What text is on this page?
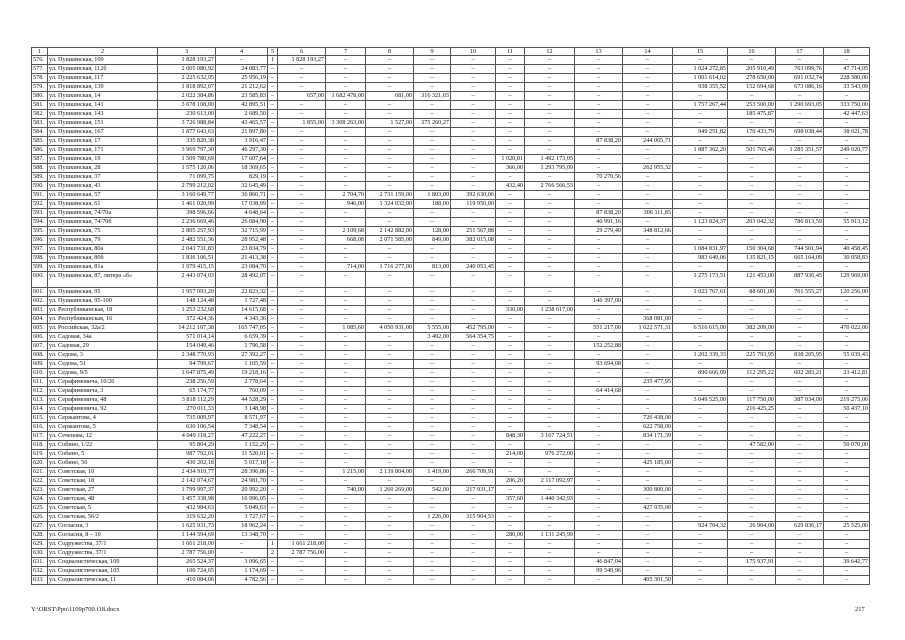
1	2	3	4	5	6	7	8	9	10	11	12	13	14	15	16	17	18
576.	ул. Пушкинская, 109	1 828 193,27	–	1	1 828 193,27	–	–	–	–	–	–	–	–	–	–	–	–
577.	ул. Пушкинская, 112б	2 065 080,92	24 083,77	–	–	–	–	–	–	–	–	–	–	1 024 272,85	205 910,49	763 099,76	47 714,05
578.	ул. Пушкинская, 117	2 225 632,95	25 956,19	–	–	–	–	–	–	–	–	–	–	1 001 614,02	278 650,00	691 032,74	228 380,00
579.	ул. Пушкинская, 139	1 818 892,07	21 212,62	–	–	–	–	–	–	–	–	–	–	938 355,52	152 694,68	673 086,16	33 543,09
580.	ул. Пушкинская, 14	2 022 384,86	23 585,83	–	657,00	1 682 478,00	681,00	316 321,03	–	–	–	–	–	–	–	–	–
581.	ул. Пушкинская, 141	3 678 108,00	42 895,51	–	–	–	–	–	–	–	–	–	–	1 757 267,44	253 500,00	1 290 693,05	333 750,00
582.	ул. Пушкинская, 143	230 613,00	2 689,50	–	–	–	–	–	–	–	–	–	–	–	185 475,87	–	42 447,63
583.	ул. Пушкинская, 151	3 726 988,84	43 465,57	–	1 855,00	3 308 263,00	1 527,00	375 260,27	–	–	–	–	–	–	–	–	–
584.	ул. Пушкинская, 167	1 877 643,63	21 897,80	–	–	–	–	–	–	–	–	–	–	949 251,82	170 433,79	698 038,44	38 021,78
585.	ул. Пушкинская, 17	335 820,38	3 916,47	–	–	–	–	–	–	–	–	87 838,20	244 065,71	–	–	–	–
586.	ул. Пушкинская, 171	3 969 797,30	46 297,30	–	–	–	–	–	–	–	–	–	–	1 887 362,20	501 765,46	1 285 351,57	249 020,77
587.	ул. Пушкинская, 19	1 509 780,69	17 607,64	–	–	–	–	–	–	1 020,81	1 492 173,05	–	–	–	–	–	–
588.	ул. Пушкинская, 28	1 575 120,06	18 369,65	–	–	–	–	–	–	366,00	1 293 795,09	–	262 955,32	–	–	–	–
589.	ул. Пушкинская, 37	71 099,75	829,19	–	–	–	–	–	–	–	–	70 270,56	–	–	–	–	–
590.	ул. Пушкинская, 43	2 799 212,02	32 645,49	–	–	–	–	–	–	432,40	2 766 566,53	–	–	–	–	–	–
591.	ул. Пушкинская, 57	3 160 649,77	36 860,71	–	–	2 704,70	2 731 159,00	1 803,00	392 630,06	–	–	–	–	–	–	–	–
592.	ул. Пушкинская, 61	1 461 020,99	17 038,99	–	–	946,00	1 324 032,00	188,00	119 950,00	–	–	–	–	–	–	–	–
593.	ул. Пушкинская, 74/70а	398 596,66	4 648,64	–	–	–	–	–	–	–	–	87 838,20	306 111,85	–	–	–	–
594.	ул. Пушкинская, 74/70б	2 236 669,46	26 084,90	–	–	–	–	–	–	–	–	40 991,16	–	1 123 824,37	203 042,32	786 813,59	55 913,12
595.	ул. Пушкинская, 75	2 805 257,93	32 715,99	–	–	2 109,68	2 142 882,00	128,00	251 567,88	–	–	29 279,40	348 812,66	–	–	–	–
596.	ул. Пушкинская, 79	2 482 551,36	28 952,48	–	–	668,08	2 071 585,00	849,00	382 015,08	–	–	–	–	–	–	–	–
597.	ул. Пушкинская, 80а	2 043 731,83	23 834,79	–	–	–	–	–	–	–	–	–	–	1 084 831,97	150 304,68	744 501,94	40 458,45
598.	ул. Пушкинская, 80б	1 836 106,51	21 413,38	–	–	–	–	–	–	–	–	–	–	983 649,06	135 821,15	665 164,09	30 058,83
599.	ул. Пушкинская, 81а	1 979 415,15	23 084,70	–	–	714,00	1 716 277,00	813,00	240 053,45	–	–	–	–	–	–	–	–
600.	ул. Пушкинская, 87, литера «б»	2 443 074,03	28 492,07	–	–	–	–	–	–	–	–	–	–	1 275 173,51	121 453,00	887 936,45	129 969,00
601.	ул. Пушкинская, 95	1 957 093,20	22 823,32	–	–	–	–	–	–	–	–	–	–	1 023 767,61	88 601,00	701 555,27	120 256,00
602.	ул. Пушкинская, 95-100	148 124,48	1 727,48	–	–	–	–	–	–	–	–	146 397,00	–	–	–	–	–
603.	ул. Республиканская, 18	1 253 232,68	14 615,68	–	–	–	–	–	–	330,00	1 238 617,00	–	–	–	–	–	–
604.	ул. Республиканская, 16	372 424,36	4 343,36	–	–	–	–	–	–	–	–	–	368 081,00	–	–	–	–
605.	ул. Российская, 32а/2	14 212 107,38	165 747,05	–	–	1 085,60	4 050 931,00	5 555,00	452 795,00	–	–	551 217,00	1 622 571,31	6 516 615,00	382 209,00	–	470 022,00
606.	ул. Садовая, 34а	571 014,14	6 659,39	–	–	–	–	3 492,00	564 354,75	–	–	–	–	–	–	–	–
607.	ул. Садовая, 29	154 049,46	1 796,58	–	–	–	–	–	–	–	–	152 252,88	–	–	–	–	–
608.	ул. Седова, 3	2 348 770,93	27 392,27	–	–	–	–	–	–	–	–	–	–	1 202 339,33	225 793,95	838 205,95	55 039,43
609.	ул. Седова, 51	94 799,67	1 105,59	–	–	–	–	–	–	–	–	93 694,08	–	–	–	–	–
610.	ул. Седова, 9/5	1 647 875,49	19 218,16	–	–	–	–	–	–	–	–	–	–	890 666,09	112 295,22	602 283,21	23 412,81
611.	ул. Серафимовича, 10/26	238 256,59	2 778,64	–	–	–	–	–	–	–	–	–	235 477,95	–	–	–	–
612.	ул. Серафимовича, 3	65 174,77	760,09	–	–	–	–	–	–	–	–	64 414,68	–	–	–	–	–
613.	ул. Серафимовича, 48	3 818 112,29	44 528,29	–	–	–	–	–	–	–	–	–	–	3 049 525,00	117 750,00	387 034,00	219 275,00
614.	ул. Серафимовича, 92	270 011,33	3 148,98	–	–	–	–	–	–	–	–	–	–	–	216 425,25	–	50 437,10
615.	ул. Сержантова, 4	735 009,97	8 571,97	–	–	–	–	–	–	–	–	–	726 438,00	–	–	–	–
616.	ул. Сержантова, 5	630 106,54	7 348,54	–	–	–	–	–	–	–	–	–	622 758,00	–	–	–	–
617.	ул. Сеченова, 12	4 049 118,27	47 222,27	–	–	–	–	–	–	848,30	3 167 724,51	–	834 171,39	–	–	–	–
618.	ул. Собино, 1/22	95 804,29	1 152,29	–	–	–	–	–	–	–	–	–	–	–	47 582,00	–	50 070,00
619.	ул. Собино, 5	987 792,01	11 520,01	–	–	–	–	–	–	214,00	976 272,00	–	–	–	–	–	–
620.	ул. Собино, 56	430 202,18	5 017,18	–	–	–	–	–	–	–	–	–	425 185,00	–	–	–	–
621.	ул. Советская, 10	2 434 910,77	28 396,86	–	–	1 215,00	2 139 804,00	1 419,00	266 709,91	–	–	–	–	–	–	–	–
622.	ул. Советская, 18	2 142 074,67	24 981,70	–	–	–	–	–	–	206,20	2 117 092,97	–	–	–	–	–	–
623.	ул. Советская, 27	1 799 997,37	20 992,20	–	–	740,00	1 260 269,00	542,00	217 931,17	–	–	–	300 800,00	–	–	–	–
624.	ул. Советская, 48	1 457 338,98	16 996,05	–	–	–	–	–	–	357,60	1 440 342,93	–	–	–	–	–	–
625.	ул. Советская, 5	432 984,63	5 049,63	–	–	–	–	–	–	–	–	–	427 935,00	–	–	–	–
626.	ул. Советская, 56/2	319 632,20	3 727,67	–	–	–	–	1 226,00	315 904,53	–	–	–	–	–	–	–	–
627.	ул. Согласия, 3	1 625 931,73	18 962,24	–	–	–	–	–	–	–	–	–	–	924 704,32	26 904,00	629 836,17	25 525,00
628.	ул. Согласия, 8 – 10	1 144 594,69	13 348,70	–	–	–	–	–	–	280,00	1 131 245,99	–	–	–	–	–	–
629.	ул. Содружества, 37/1	1 661 218,00	–	1	1 661 218,00	–	–	–	–	–	–	–	–	–	–	–	–
630.	ул. Содружества, 37/1	2 787 756,00	–	2	2 787 756,00	–	–	–	–	–	–	–	–	–	–	–	–
631.	ул. Социалистическая, 109	265 524,37	3 096,65	–	–	–	–	–	–	–	–	46 847,04	–	–	175 937,91	–	39 642,77
632.	ул. Социалистическая, 105	100 724,65	1 174,69	–	–	–	–	–	–	–	–	99 549,96	–	–	–	–	–
633.	ул. Социалистическая, 11	410 084,06	4 782,56	–	–	–	–	–	–	–	–	–	405 301,50	–	–	–	–
Y:\ORST\Ppo\1109p700.f18.docx	217
